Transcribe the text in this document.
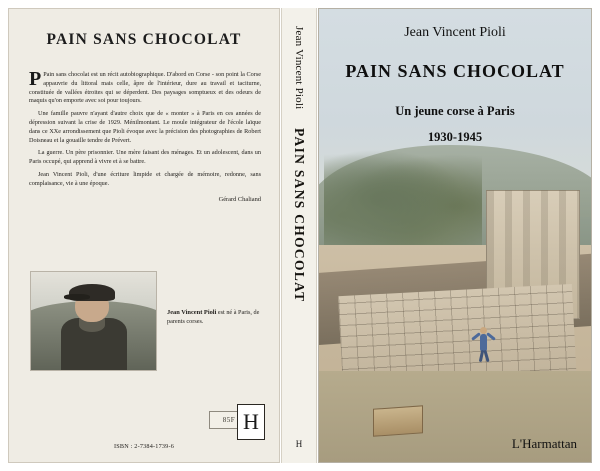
PAIN SANS CHOCOLAT

P Pain sans chocolat est un récit autobiographique. D'abord en Corse - son point la Corse appauvrie du littoral mais celle, âpre de l'intérieur, dure au travail et taciturne, constituée de vallées étroites qui se déperdent. Des paysages somptueux et des odeurs de maquis qu'on emporte avec soi pour toujours.

Une famille pauvre n'ayant d'autre choix que de « monter » à Paris en ces années de dépression suivant la crise de 1929. Ménilmontant. Le moule intégrateur de l'école laïque dans ce XXe arrondissement que Pioli évoque avec la précision des photographies de Robert Doisneau et la gouaille tendre de Prévert.

La guerre. Un père prisonnier. Une mère faisant des ménages. Et un adolescent, dans un Paris occupé, qui apprend à vivre et à se battre.

Jean Vincent Pioli, d'une écriture limpide et chargée de mémoire, redonne, sans complaisance, vie à une époque.

Gérard Chaliand

Jean Vincent Pioli est né à Paris, de parents corses.
85F
ISBN : 2-7384-1739-6
H
Jean Vincent Pioli
PAIN SANS CHOCOLAT
H
Jean Vincent Pioli
PAIN SANS CHOCOLAT
Un jeune corse à Paris
1930-1945
L'Harmattan
